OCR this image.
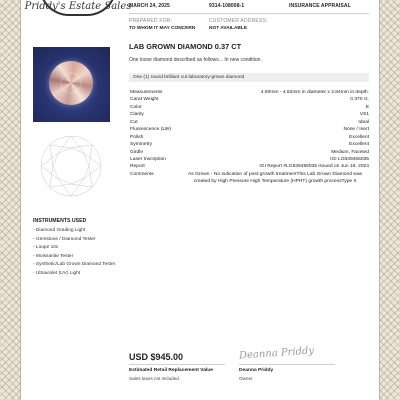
Priddy's Estate Sales
MARCH 24, 2025	9314-108008-1	INSURANCE APPRAISAL
PREPARED FOR:
TO WHOM IT MAY CONCERN
CUSTOMER ADDRESS:
NOT AVAILABLE
INSTRUMENTS USED
- Diamond Grading Light
- Gemstone / Diamond Tester
- Loupe 10x
- Moissanite Tester
- Synthetic/Lab Grown Diamond Tester
- Ultraviolet (UV) Light
LAB GROWN DIAMOND 0.37 CT
One loose diamond described as follows... In new condition.
One (1) round brilliant cut laboratory-grown diamond
Measurements	4.60mm - 4.62mm in diameter x 2.84mm in depth.
Carat Weight	0.370 ct.
Color	E
Clarity	VS1
Cut	Ideal
Fluorescence (LW)	None / Inert
Polish	Excellent
Symmetry	Excellent
Girdle	Medium, Faceted
Laser Inscription	IGI LG639455035
Report	IGI Report #LG639455035 issued on Jun 18, 2024
Comments	As Grown - No indication of post-growth treatmentThis Lab Grown Diamond was created by High Pressure High Temperature (HPHT) growth processType II
USD $945.00
Estimated Retail Replacement Value
Sales taxes not included.
Deanna Priddy
Deanna Priddy
Owner
